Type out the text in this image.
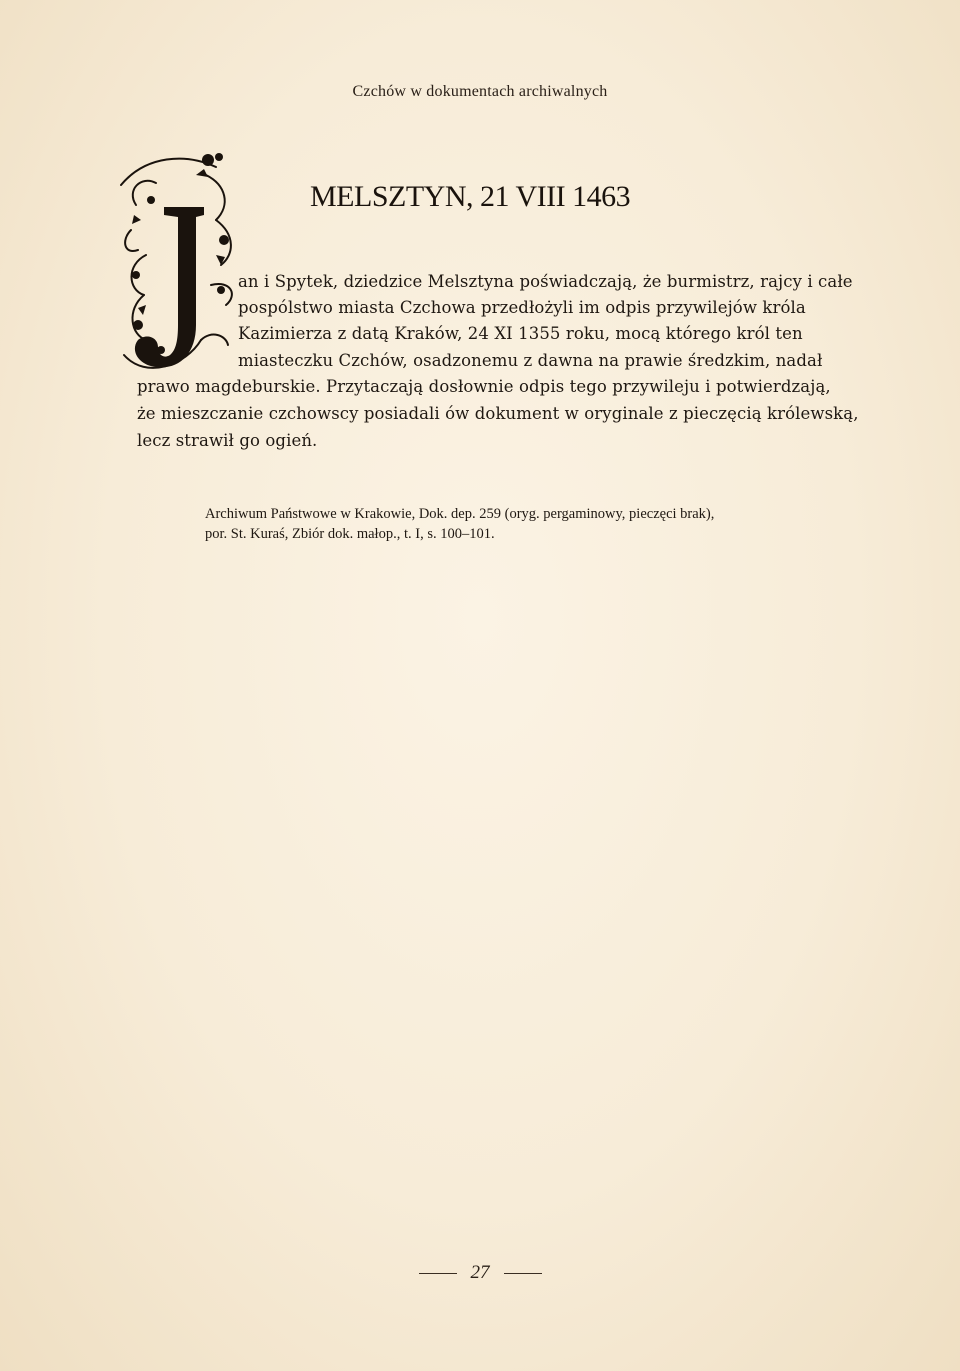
Czchów w dokumentach archiwalnych
MELSZTYN, 21 VIII 1463

an i Spytek, dziedzice Melsztyna poświadczają, że burmistrz, rajcy i całe

pospólstwo miasta Czchowa przedłożyli im odpis przywilejów króla

Kazimierza z datą Kraków, 24 XI 1355 roku, mocą którego król ten

miasteczku Czchów, osadzonemu z dawna na prawie średzkim, nadał

prawo magdeburskie. Przytaczają dosłownie odpis tego przywileju i potwierdzają,

że mieszczanie czchowscy posiadali ów dokument w oryginale z pieczęcią królewską,

lecz strawił go ogień.

Archiwum Państwowe w Krakowie, Dok. dep. 259 (oryg. pergaminowy, pieczęci brak),

por. St. Kuraś, Zbiór dok. małop., t. I, s. 100–101.

27
